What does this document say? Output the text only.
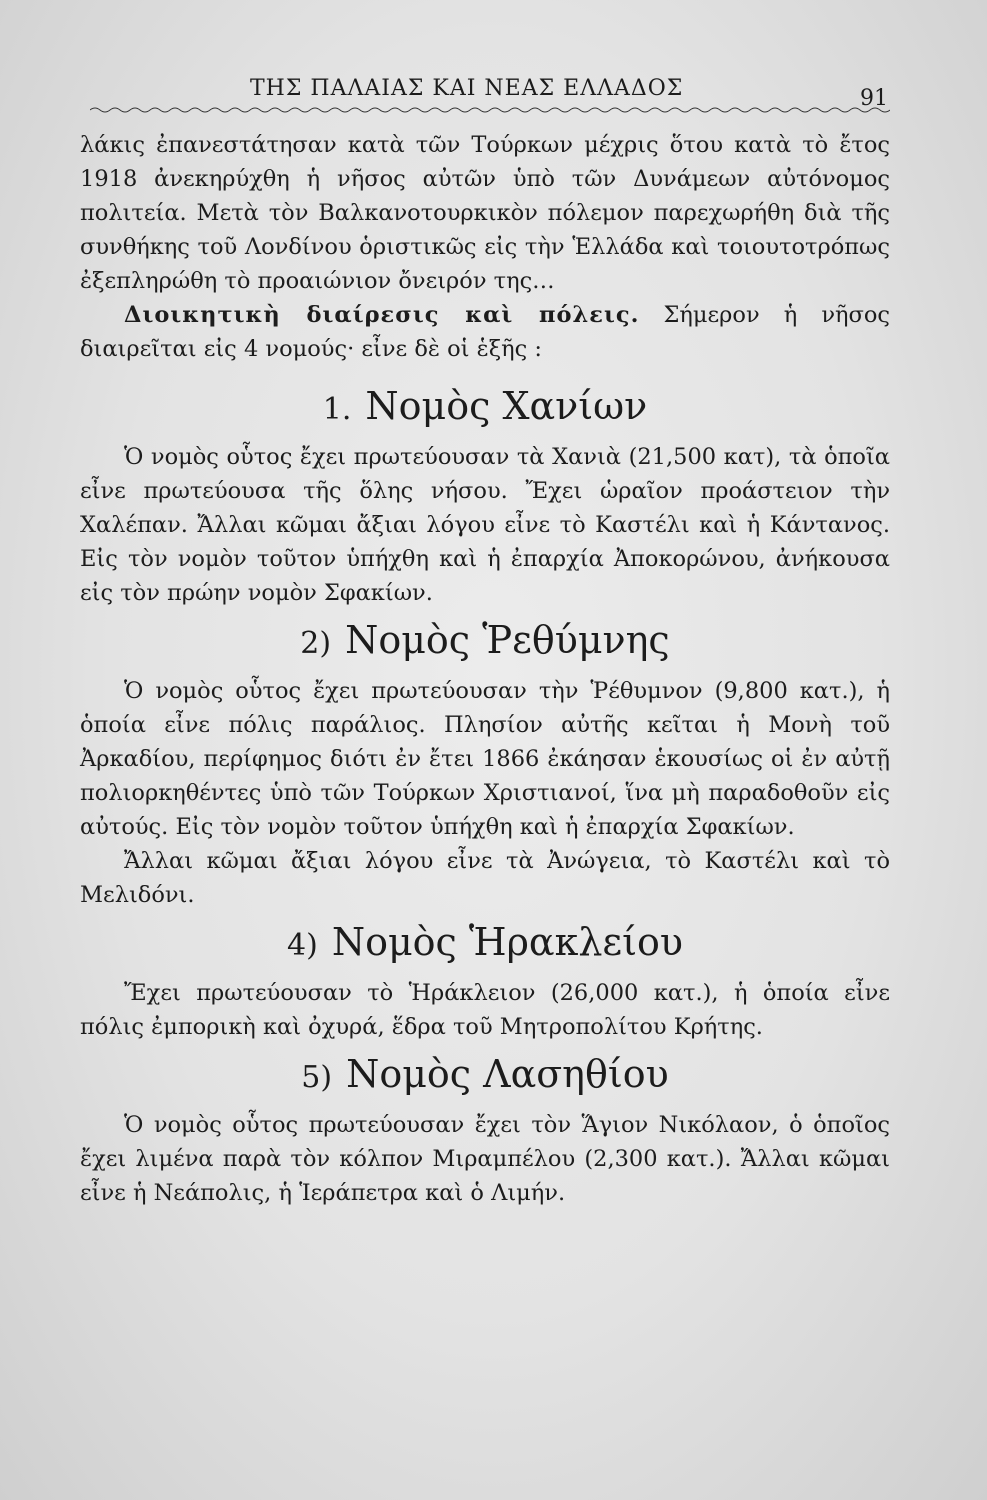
ΤΗΣ ΠΑΛΑΙΑΣ ΚΑΙ ΝΕΑΣ ΕΛΛΑΔΟΣ	91

λάκις ἐπανεστάτησαν κατὰ τῶν Τούρκων μέχρις ὅτου κατὰ τὸ ἔτος 1918 ἀνεκηρύχθη ἡ νῆσος αὐτῶν ὑπὸ τῶν Δυνάμεων αὐτόνομος πολιτεία. Μετὰ τὸν Βαλκανοτουρκικὸν πόλεμον παρεχωρήθη διὰ τῆς συνθήκης τοῦ Λονδίνου ὁριστικῶς εἰς τὴν Ἑλλάδα καὶ τοιουτοτρόπως ἐξεπληρώθη τὸ προαιώνιον ὄνειρόν της…

Διοικητικὴ διαίρεσις καὶ πόλεις. Σήμερον ἡ νῆσος διαιρεῖται εἰς 4 νομούς· εἶνε δὲ οἱ ἑξῆς :

1. Νομὸς Χανίων

Ὁ νομὸς οὗτος ἔχει πρωτεύουσαν τὰ Χανιὰ (21,500 κατ), τὰ ὁποῖα εἶνε πρωτεύουσα τῆς ὅλης νήσου. Ἔχει ὡραῖον προάστειον τὴν Χαλέπαν. Ἄλλαι κῶμαι ἄξιαι λόγου εἶνε τὸ Καστέλι καὶ ἡ Κάντανος. Εἰς τὸν νομὸν τοῦτον ὑπήχθη καὶ ἡ ἐπαρχία Ἀποκορώνου, ἀνήκουσα εἰς τὸν πρώην νομὸν Σφακίων.

2) Νομὸς Ῥεθύμνης

Ὁ νομὸς οὗτος ἔχει πρωτεύουσαν τὴν Ῥέθυμνον (9,800 κατ.), ἡ ὁποία εἶνε πόλις παράλιος. Πλησίον αὐτῆς κεῖται ἡ Μονὴ τοῦ Ἀρκαδίου, περίφημος διότι ἐν ἔτει 1866 ἐκάησαν ἑκουσίως οἱ ἐν αὐτῇ πολιορκηθέντες ὑπὸ τῶν Τούρκων Χριστιανοί, ἵνα μὴ παραδοθοῦν εἰς αὐτούς. Εἰς τὸν νομὸν τοῦτον ὑπήχθη καὶ ἡ ἐπαρχία Σφακίων.

Ἄλλαι κῶμαι ἄξιαι λόγου εἶνε τὰ Ἀνώγεια, τὸ Καστέλι καὶ τὸ Μελιδόνι.

4) Νομὸς Ἡρακλείου

Ἔχει πρωτεύουσαν τὸ Ἡράκλειον (26,000 κατ.), ἡ ὁποία εἶνε πόλις ἐμπορικὴ καὶ ὀχυρά, ἕδρα τοῦ Μητροπολίτου Κρήτης.

5) Νομὸς Λασηθίου

Ὁ νομὸς οὗτος πρωτεύουσαν ἔχει τὸν Ἅγιον Νικόλαον, ὁ ὁποῖος ἔχει λιμένα παρὰ τὸν κόλπον Μιραμπέλου (2,300 κατ.). Ἄλλαι κῶμαι εἶνε ἡ Νεάπολις, ἡ Ἱεράπετρα καὶ ὁ Λιμήν.
